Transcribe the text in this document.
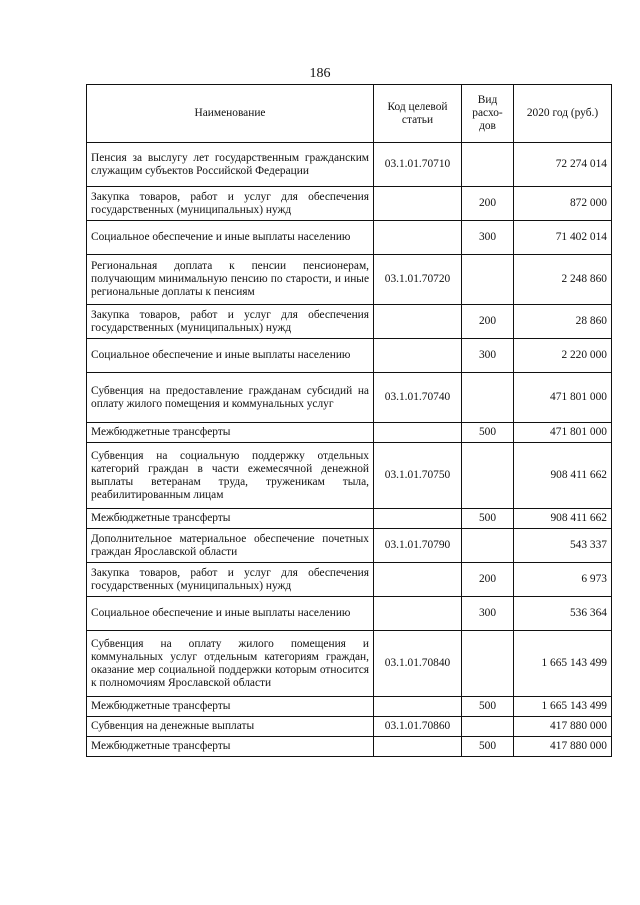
186
Наименование	Код целевой статьи	Вид расхо-дов	2020 год (руб.)
Пенсия за выслугу лет государственным гражданским служащим субъектов Российской Федерации	03.1.01.70710		72 274 014
Закупка товаров, работ и услуг для обеспечения государственных (муниципальных) нужд		200	872 000
Социальное обеспечение и иные выплаты населению		300	71 402 014
Региональная доплата к пенсии пенсионерам, получающим минимальную пенсию по старости, и иные региональные доплаты к пенсиям	03.1.01.70720		2 248 860
Закупка товаров, работ и услуг для обеспечения государственных (муниципальных) нужд		200	28 860
Социальное обеспечение и иные выплаты населению		300	2 220 000
Субвенция на предоставление гражданам субсидий на оплату жилого помещения и коммунальных услуг	03.1.01.70740		471 801 000
Межбюджетные трансферты		500	471 801 000
Субвенция на социальную поддержку отдельных категорий граждан в части ежемесячной денежной выплаты ветеранам труда, труженикам тыла, реабилитированным лицам	03.1.01.70750		908 411 662
Межбюджетные трансферты		500	908 411 662
Дополнительное материальное обеспечение почетных граждан Ярославской области	03.1.01.70790		543 337
Закупка товаров, работ и услуг для обеспечения государственных (муниципальных) нужд		200	6 973
Социальное обеспечение и иные выплаты населению		300	536 364
Субвенция на оплату жилого помещения и коммунальных услуг отдельным категориям граждан, оказание мер социальной поддержки которым относится к полномочиям Ярославской области	03.1.01.70840		1 665 143 499
Межбюджетные трансферты		500	1 665 143 499
Субвенция на денежные выплаты	03.1.01.70860		417 880 000
Межбюджетные трансферты		500	417 880 000
